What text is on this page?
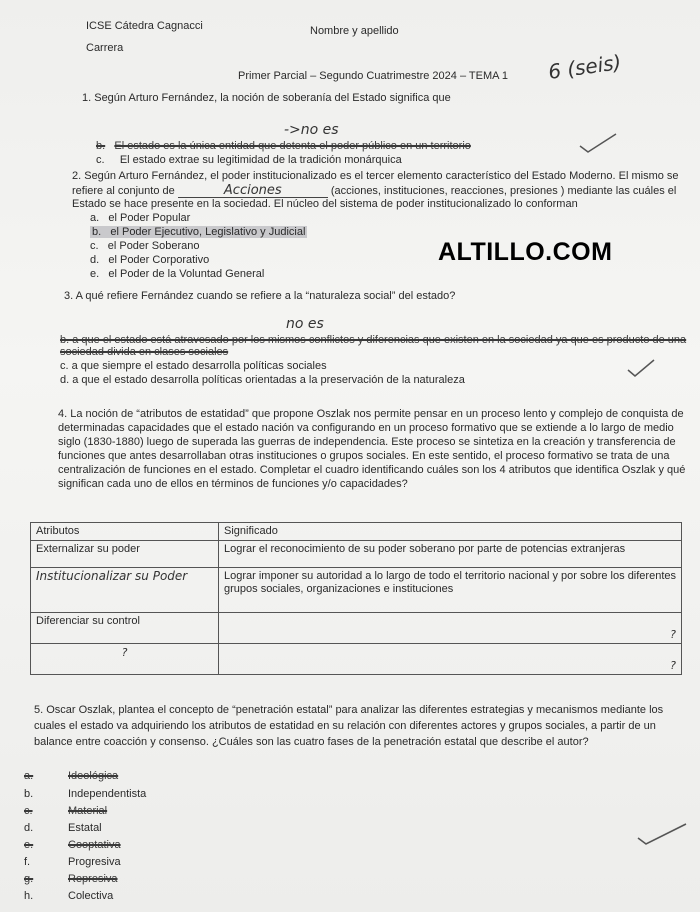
ICSE Cátedra Cagnacci	Nombre y apellido
Carrera
Primer Parcial – Segundo Cuatrimestre 2024 – TEMA 1 6 (seis)
ALTILLO.COM
1. Según Arturo Fernández, la noción de soberanía del Estado significa que
->no es
b. El estado es la única entidad que detenta el poder público en un territorio
c. El estado extrae su legitimidad de la tradición monárquica
2. Según Arturo Fernández, el poder institucionalizado es el tercer elemento característico del Estado Moderno. El mismo se
refiere al conjunto de	Acciones	(acciones, instituciones, reacciones, presiones ) mediante las cuáles el
Estado se hace presente en la sociedad. El núcleo del sistema de poder institucionalizado lo conforman
a. el Poder Popular
b. el Poder Ejecutivo, Legislativo y Judicial
c. el Poder Soberano
d. el Poder Corporativo
e. el Poder de la Voluntad General
3. A qué refiere Fernández cuando se refiere a la “naturaleza social” del estado?
no es
b. a que el estado está atravesado por los mismos conflictos y diferencias que existen en la sociedad ya que es producto de una
sociedad divida en clases sociales
c. a que siempre el estado desarrolla políticas sociales
d. a que el estado desarrolla políticas orientadas a la preservación de la naturaleza
4. La noción de “atributos de estatidad” que propone Oszlak nos permite pensar en un proceso lento y complejo de conquista de
determinadas capacidades que el estado nación va configurando en un proceso formativo que se extiende a lo largo de medio
siglo (1830-1880) luego de superada las guerras de independencia. Este proceso se sintetiza en la creación y transferencia de
funciones que antes desarrollaban otras instituciones o grupos sociales. En este sentido, el proceso formativo se trata de una
centralización de funciones en el estado. Completar el cuadro identificando cuáles son los 4 atributos que identifica Oszlak y qué
significan cada uno de ellos en términos de funciones y/o capacidades?
Atributos	Significado
Externalizar su poder	Lograr el reconocimiento de su poder soberano por parte de potencias extranjeras
Institucionalizar su Poder	Lograr imponer su autoridad a lo largo de todo el territorio nacional y por sobre los diferentes grupos sociales, organizaciones e instituciones
Diferenciar su control	?
?	?
5. Oscar Oszlak, plantea el concepto de “penetración estatal” para analizar las diferentes estrategias y mecanismos mediante los
cuales el estado va adquiriendo los atributos de estatidad en su relación con diferentes actores y grupos sociales, a partir de un
balance entre coacción y consenso. ¿Cuáles son las cuatro fases de la penetración estatal que describe el autor?
a.	Ideológica
b.	Independentista
c.	Material
d.	Estatal
e.	Cooptativa
f.	Progresiva
g.	Represiva
h.	Colectiva
